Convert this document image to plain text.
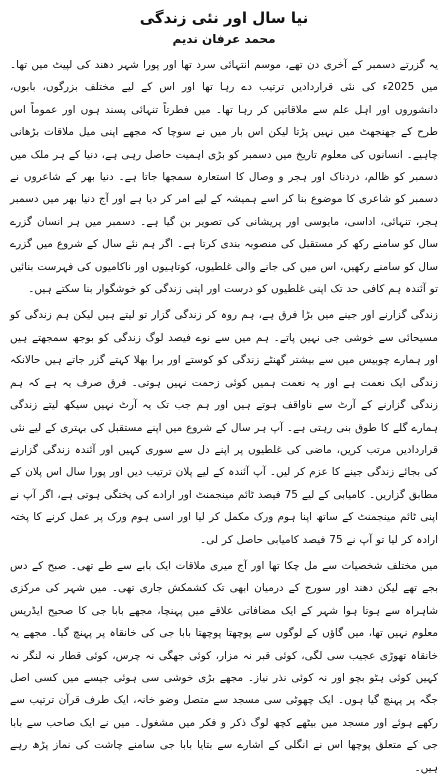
نیا سال اور نئی زندگی
محمد عرفان ندیم

یہ گزرتے دسمبر کے آخری دن تھے، موسم انتہائی سرد تھا اور پورا شہر دھند کی لپیٹ میں تھا۔ میں 2025ء کی نئی قراردادیں ترتیب دے رہا تھا اور اس کے لیے مختلف بزرگوں، بابوں، دانشوروں اور اہل علم سے ملاقاتیں کر رہا تھا۔ میں فطرتاً تنہائی پسند ہوں اور عموماً اس طرح کے جھنجھٹ میں نہیں پڑتا لیکن اس بار میں نے سوچا کہ مجھے اپنی میل ملاقات بڑھانی چاہیے۔ انسانوں کی معلوم تاریخ میں دسمبر کو بڑی اہمیت حاصل رہی ہے، دنیا کے ہر ملک میں دسمبر کو ظالم، دردناک اور ہجر و وصال کا استعارہ سمجھا جاتا ہے۔ دنیا بھر کے شاعروں نے دسمبر کو شاعری کا موضوع بنا کر اسے ہمیشہ کے لیے امر کر دیا ہے اور آج دنیا بھر میں دسمبر ہجر، تنہائی، اداسی، مایوسی اور پریشانی کی تصویر بن گیا ہے۔ دسمبر میں ہر انسان گزرے سال کو سامنے رکھ کر مستقبل کی منصوبہ بندی کرتا ہے۔ اگر ہم نئے سال کے شروع میں گزرے سال کو سامنے رکھیں، اس میں کی جانے والی غلطیوں، کوتاہیوں اور ناکامیوں کی فہرست بنائیں تو آئندہ ہم کافی حد تک اپنی غلطیوں کو درست اور اپنی زندگی کو خوشگوار بنا سکتے ہیں۔

زندگی گزارنے اور جینے میں بڑا فرق ہے، ہم روہ کر زندگی گزار تو لیتے ہیں لیکن ہم زندگی کو مسیحائی سے خوشی جی نہیں پاتے۔ ہم میں سے نوے فیصد لوگ زندگی کو بوجھ سمجھتے ہیں اور ہمارے چوبیس میں سے بیشتر گھنٹے زندگی کو کوستے اور برا بھلا کہتے گزر جاتے ہیں حالانکہ زندگی ایک نعمت ہے اور یہ نعمت ہمیں کوئی زحمت نہیں ہوتی۔ فرق صرف یہ ہے کہ ہم زندگی گزارنے کے آرٹ سے ناواقف ہوتے ہیں اور ہم جب تک یہ آرٹ نہیں سیکھ لیتے زندگی ہمارے گلے کا طوق بنی رہتی ہے۔ آپ ہر سال کے شروع میں اپنے مستقبل کی بہتری کے لیے نئی قراردادیں مرتب کریں، ماضی کی غلطیوں پر اپنے دل سے سوری کہیں اور آئندہ زندگی گزارنے کی بجائے زندگی جینے کا عزم کر لیں۔ آپ آئندہ کے لیے پلان ترتیب دیں اور پورا سال اس پلان کے مطابق گزاریں۔ کامیابی کے لیے 75 فیصد ٹائم مینجمنٹ اور ارادے کی پختگی ہوتی ہے، اگر آپ نے اپنی ٹائم مینجمنٹ کے ساتھ اپنا ہوم ورک مکمل کر لیا اور اسی ہوم ورک پر عمل کرنے کا پختہ ارادہ کر لیا تو آپ نے 75 فیصد کامیابی حاصل کر لی۔

میں مختلف شخصیات سے مل چکا تھا اور آج میری ملاقات ایک بابے سے طے تھی۔ صبح کے دس بجے تھے لیکن دھند اور سورج کے درمیان ابھی تک کشمکش جاری تھی۔ میں شہر کی مرکزی شاہراہ سے ہوتا ہوا شہر کے ایک مضافاتی علاقے میں پہنچا، مجھے بابا جی کا صحیح ایڈریس معلوم نہیں تھا، میں گاؤں کے لوگوں سے پوچھتا پوچھتا بابا جی کی خانقاہ پر پہنچ گیا۔ مجھے یہ خانقاہ تھوڑی عجیب سی لگی، کوئی قبر نہ مزار، کوئی جھگی نہ چرس، کوئی قطار نہ لنگر نہ کہیں کوئی ہٹو بچو اور نہ کوئی نذر نیاز۔ مجھے بڑی خوشی سی ہوئی جیسے میں کسی اصل جگہ پر پہنچ گیا ہوں۔ ایک چھوٹی سی مسجد سے متصل وضو خانہ، ایک طرف قرآن ترتیب سے رکھے ہوئے اور مسجد میں بیٹھے کچھ لوگ ذکر و فکر میں مشغول۔ میں نے ایک صاحب سے بابا جی کے متعلق پوچھا اس نے انگلی کے اشارے سے بتایا بابا جی سامنے چاشت کی نماز پڑھ رہے ہیں۔
